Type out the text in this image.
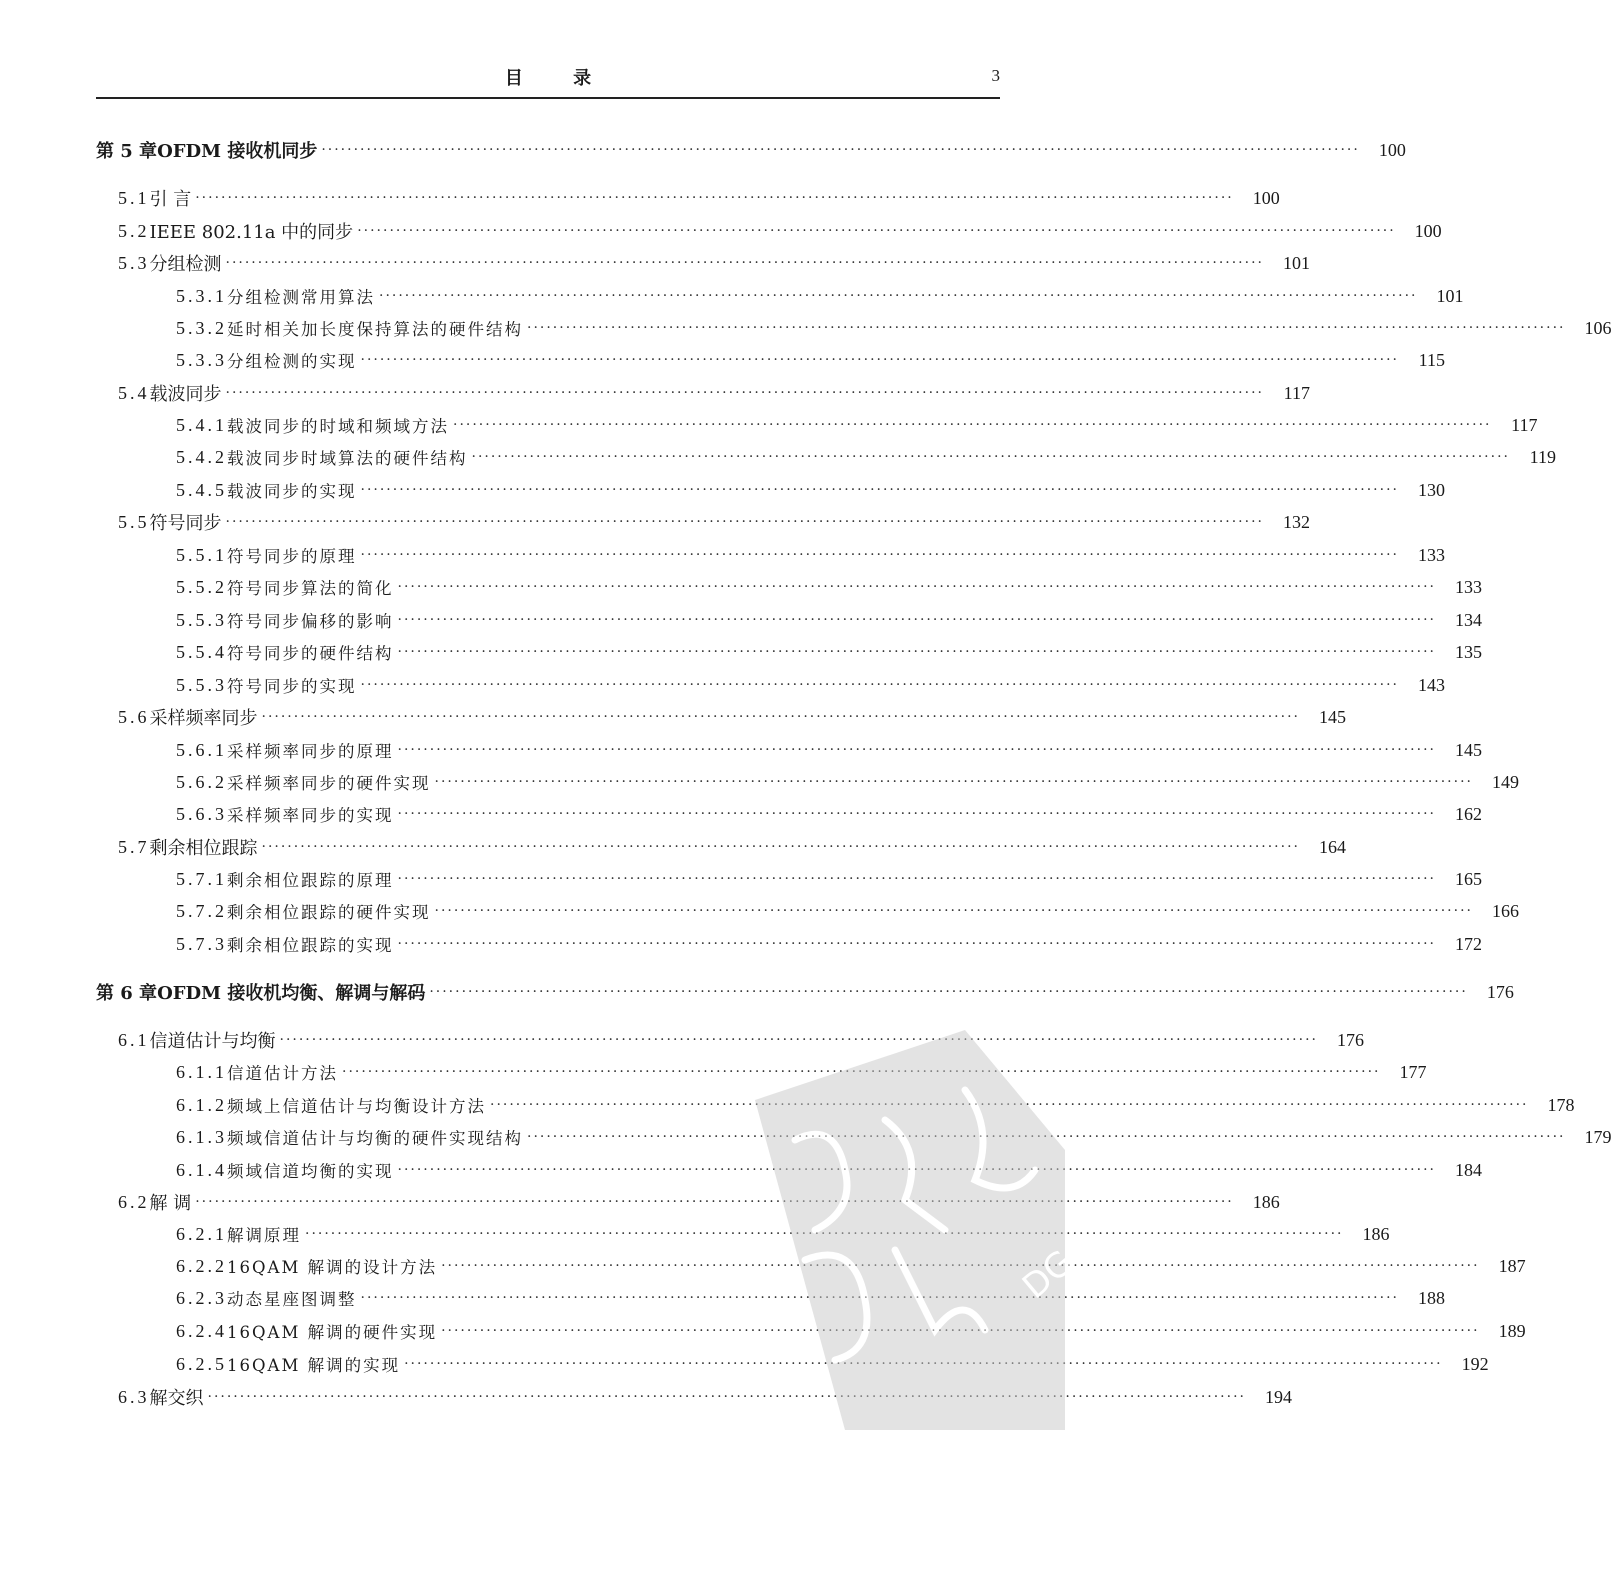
目 录	3
第 5 章 OFDM 接收机同步 ·····	100
5.1 引 言 ·····	100
5.2 IEEE 802.11a 中的同步 ·····	100
5.3 分组检测 ·····	101
5.3.1 分组检测常用算法 ·····	101
5.3.2 延时相关加长度保持算法的硬件结构 ·····	106
5.3.3 分组检测的实现 ·····	115
5.4 载波同步 ·····	117
5.4.1 载波同步的时域和频域方法 ·····	117
5.4.2 载波同步时域算法的硬件结构 ·····	119
5.4.5 载波同步的实现 ·····	130
5.5 符号同步 ·····	132
5.5.1 符号同步的原理 ·····	133
5.5.2 符号同步算法的简化 ·····	133
5.5.3 符号同步偏移的影响 ·····	134
5.5.4 符号同步的硬件结构 ·····	135
5.5.3 符号同步的实现 ·····	143
5.6 采样频率同步 ·····	145
5.6.1 采样频率同步的原理 ·····	145
5.6.2 采样频率同步的硬件实现 ·····	149
5.6.3 采样频率同步的实现 ·····	162
5.7 剩余相位跟踪 ·····	164
5.7.1 剩余相位跟踪的原理 ·····	165
5.7.2 剩余相位跟踪的硬件实现 ·····	166
5.7.3 剩余相位跟踪的实现 ·····	172
第 6 章 OFDM 接收机均衡、解调与解码 ·····	176
6.1 信道估计与均衡 ·····	176
6.1.1 信道估计方法 ·····	177
6.1.2 频域上信道估计与均衡设计方法 ·····	178
6.1.3 频域信道估计与均衡的硬件实现结构 ·····	179
6.1.4 频域信道均衡的实现 ·····	184
6.2 解 调 ·····	186
6.2.1 解调原理 ·····	186
6.2.2 16QAM 解调的设计方法 ·····	187
6.2.3 动态星座图调整 ·····	188
6.2.4 16QAM 解调的硬件实现 ·····	189
6.2.5 16QAM 解调的实现 ·····	192
6.3 解交织 ·····	194
DG
